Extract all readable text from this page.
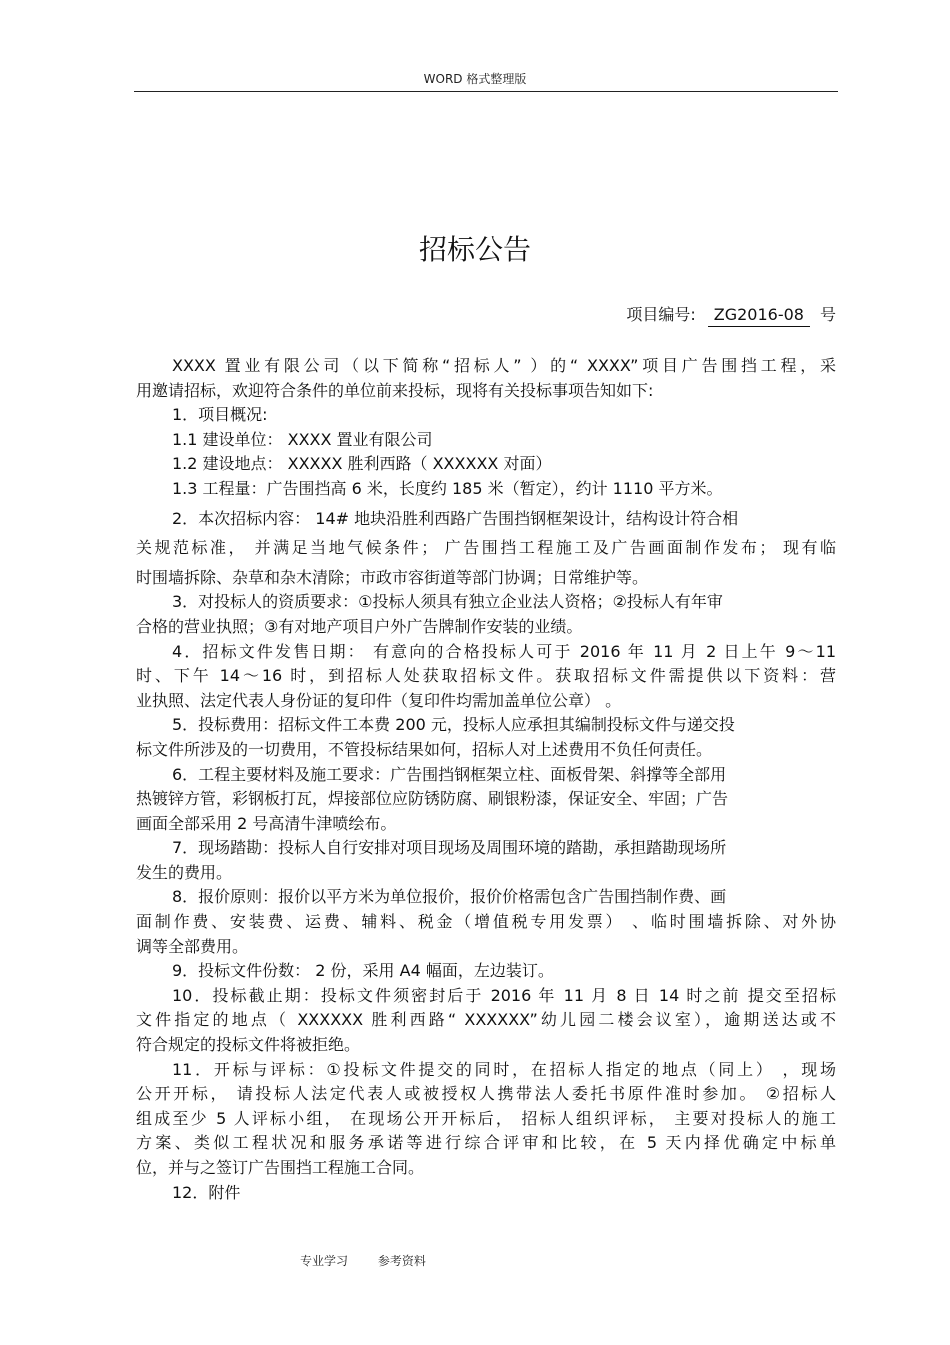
WORD 格式整理版
招标公告
项目编号:	ZG2016-08	号
XXXX 置业有限公司（以下简称“招标人” ）的“ XXXX”项目广告围挡工程，采
用邀请招标，欢迎符合条件的单位前来投标，现将有关投标事项告知如下:
1．项目概况:
1.1 建设单位： XXXX 置业有限公司
1.2 建设地点： XXXXX 胜利西路（ XXXXXX 对面）
1.3 工程量：广告围挡高 6 米，长度约 185 米（暂定），约计 1110 平方米。
2．本次招标内容： 14# 地块沿胜利西路广告围挡钢框架设计，结构设计符合相
关规范标准， 并满足当地气候条件； 广告围挡工程施工及广告画面制作发布； 现有临
时围墙拆除、杂草和杂木清除；市政市容街道等部门协调；日常维护等。
3．对投标人的资质要求：①投标人须具有独立企业法人资格；②投标人有年审
合格的营业执照；③有对地产项目户外广告牌制作安装的业绩。
4．招标文件发售日期： 有意向的合格投标人可于 2016 年 11 月 2 日上午 9～11
时、下午 14～16 时，到招标人处获取招标文件。获取招标文件需提供以下资料：营
业执照、法定代表人身份证的复印件（复印件均需加盖单位公章） 。
5．投标费用：招标文件工本费 200 元，投标人应承担其编制投标文件与递交投
标文件所涉及的一切费用，不管投标结果如何，招标人对上述费用不负任何责任。
6．工程主要材料及施工要求：广告围挡钢框架立柱、面板骨架、斜撑等全部用
热镀锌方管，彩钢板打瓦，焊接部位应防锈防腐、刷银粉漆，保证安全、牢固；广告
画面全部采用 2 号高清牛津喷绘布。
7．现场踏勘：投标人自行安排对项目现场及周围环境的踏勘，承担踏勘现场所
发生的费用。
8．报价原则：报价以平方米为单位报价，报价价格需包含广告围挡制作费、画
面制作费、安装费、运费、辅料、税金（增值税专用发票） 、临时围墙拆除、对外协
调等全部费用。
9．投标文件份数： 2 份，采用 A4 幅面，左边装订。
10．投标截止期：投标文件须密封后于 2016 年 11 月 8 日 14 时之前 提交至招标
文件指定的地点（ XXXXXX 胜利西路“ XXXXXX”幼儿园二楼会议室），逾期送达或不
符合规定的投标文件将被拒绝。
11．开标与评标：①投标文件提交的同时，在招标人指定的地点（同上） ，现场
公开开标， 请投标人法定代表人或被授权人携带法人委托书原件准时参加。 ②招标人
组成至少 5 人评标小组， 在现场公开开标后， 招标人组织评标， 主要对投标人的施工
方案、类似工程状况和服务承诺等进行综合评审和比较，在 5 天内择优确定中标单
位，并与之签订广告围挡工程施工合同。
12．附件
专业学习 参考资料
